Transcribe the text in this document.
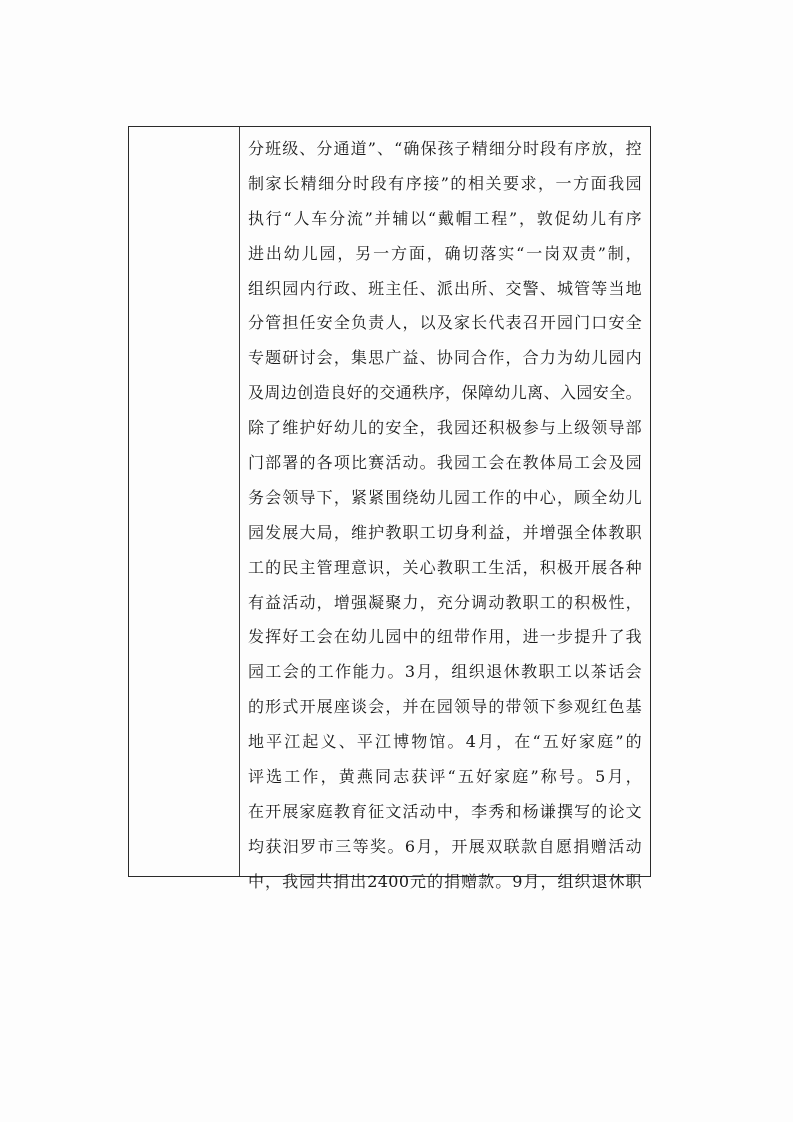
分班级、分通道”、“确保孩子精细分时段有序放，控
制家长精细分时段有序接”的相关要求，一方面我园
执行“人车分流”并辅以“戴帽工程”，敦促幼儿有序
进出幼儿园，另一方面，确切落实“一岗双责”制，
组织园内行政、班主任、派出所、交警、城管等当地
分管担任安全负责人，以及家长代表召开园门口安全
专题研讨会，集思广益、协同合作，合力为幼儿园内
及周边创造良好的交通秩序，保障幼儿离、入园安全。
除了维护好幼儿的安全，我园还积极参与上级领导部
门部署的各项比赛活动。我园工会在教体局工会及园
务会领导下，紧紧围绕幼儿园工作的中心，顾全幼儿
园发展大局，维护教职工切身利益，并增强全体教职
工的民主管理意识，关心教职工生活，积极开展各种
有益活动，增强凝聚力，充分调动教职工的积极性，
发挥好工会在幼儿园中的纽带作用，进一步提升了我
园工会的工作能力。3月，组织退休教职工以茶话会
的形式开展座谈会，并在园领导的带领下参观红色基
地平江起义、平江博物馆。4月，在“五好家庭”的
评选工作，黄燕同志获评“五好家庭”称号。5月，
在开展家庭教育征文活动中，李秀和杨谦撰写的论文
均获汨罗市三等奖。6月，开展双联款自愿捐赠活动
中，我园共捐出2400元的捐赠款。9月，组织退休职
